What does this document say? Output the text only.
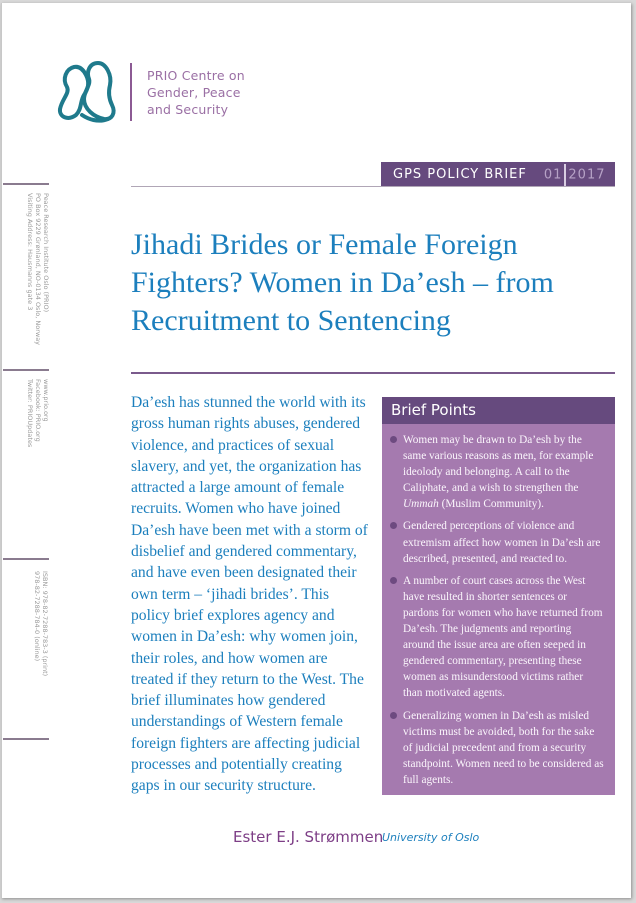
PRIO Centre on
Gender, Peace
and Security
Peace Research Institute Oslo (PRIO)
PO Box 9229 Grønland, NO-0134 Oslo, Norway
Visiting Address: Hausmanns gate 3
www.prio.org
Facebook: PRIO.org
Twitter: PRIOUpdates
ISBN: 978-82-7288-783-3 (print)
978-82-7288-784-0 (online)
GPS POLICY BRIEF 01 2017
Jihadi Brides or Female Foreign Fighters? Women in Da’esh – from Recruitment to Sentencing

Da’esh has stunned the world with its gross human rights abuses, gendered violence, and practices of sexual slavery, and yet, the organization has attracted a large amount of female recruits. Women who have joined Da’esh have been met with a storm of disbelief and gendered commentary, and have even been designated their own term – ‘jihadi brides’. This policy brief explores agency and women in Da’esh: why women join, their roles, and how women are treated if they return to the West. The brief illuminates how gendered understandings of Western female foreign fighters are affecting judicial processes and potentially creating gaps in our security structure.

Brief Points
Women may be drawn to Da’esh by the same various reasons as men, for example ideolody and belonging. A call to the Caliphate, and a wish to strengthen the Ummah (Muslim Community).
Gendered perceptions of violence and extremism affect how women in Da’esh are described, presented, and reacted to.
A number of court cases across the West have resulted in shorter sentences or pardons for women who have returned from Da’esh. The judgments and reporting around the issue area are often seeped in gendered commentary, presenting these women as misunderstood victims rather than motivated agents.
Generalizing women in Da’esh as misled victims must be avoided, both for the sake of judicial precedent and from a security standpoint. Women need to be considered as full agents.
Ester E.J. Strømmen
University of Oslo
